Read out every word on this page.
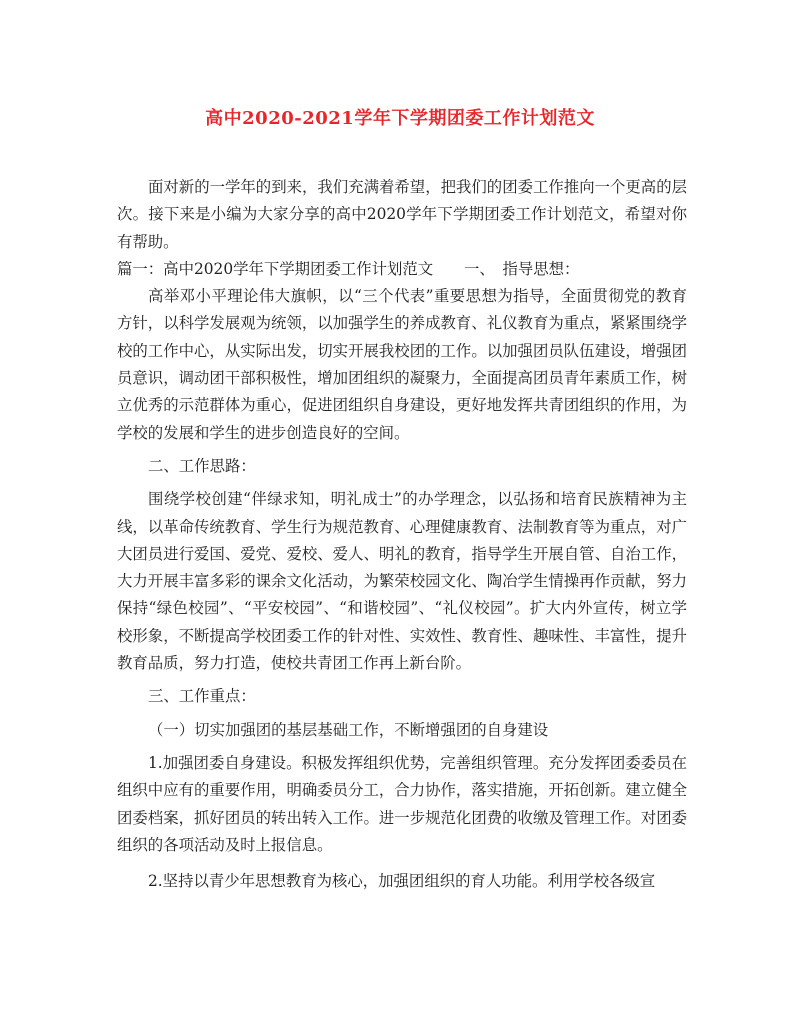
高中2020-2021学年下学期团委工作计划范文

面对新的一学年的到来，我们充满着希望，把我们的团委工作推向一个更高的层次。接下来是小编为大家分享的高中2020学年下学期团委工作计划范文，希望对你有帮助。

篇一：高中2020学年下学期团委工作计划范文　　一、　指导思想：

高举邓小平理论伟大旗帜，以“三个代表”重要思想为指导，全面贯彻党的教育方针，以科学发展观为统领，以加强学生的养成教育、礼仪教育为重点，紧紧围绕学校的工作中心，从实际出发，切实开展我校团的工作。以加强团员队伍建设，增强团员意识，调动团干部积极性，增加团组织的凝聚力，全面提高团员青年素质工作，树立优秀的示范群体为重心，促进团组织自身建设，更好地发挥共青团组织的作用，为学校的发展和学生的进步创造良好的空间。

二、工作思路：

围绕学校创建“伴绿求知，明礼成士”的办学理念，以弘扬和培育民族精神为主线，以革命传统教育、学生行为规范教育、心理健康教育、法制教育等为重点，对广大团员进行爱国、爱党、爱校、爱人、明礼的教育，指导学生开展自管、自治工作，大力开展丰富多彩的课余文化活动，为繁荣校园文化、陶冶学生情操再作贡献，努力保持“绿色校园”、“平安校园”、“和谐校园”、“礼仪校园”。扩大内外宣传，树立学校形象，不断提高学校团委工作的针对性、实效性、教育性、趣味性、丰富性，提升教育品质，努力打造，使校共青团工作再上新台阶。

三、工作重点：

（一）切实加强团的基层基础工作，不断增强团的自身建设

1.加强团委自身建设。积极发挥组织优势，完善组织管理。充分发挥团委委员在组织中应有的重要作用，明确委员分工，合力协作，落实措施，开拓创新。建立健全团委档案，抓好团员的转出转入工作。进一步规范化团费的收缴及管理工作。对团委组织的各项活动及时上报信息。

2.坚持以青少年思想教育为核心，加强团组织的育人功能。利用学校各级宣
